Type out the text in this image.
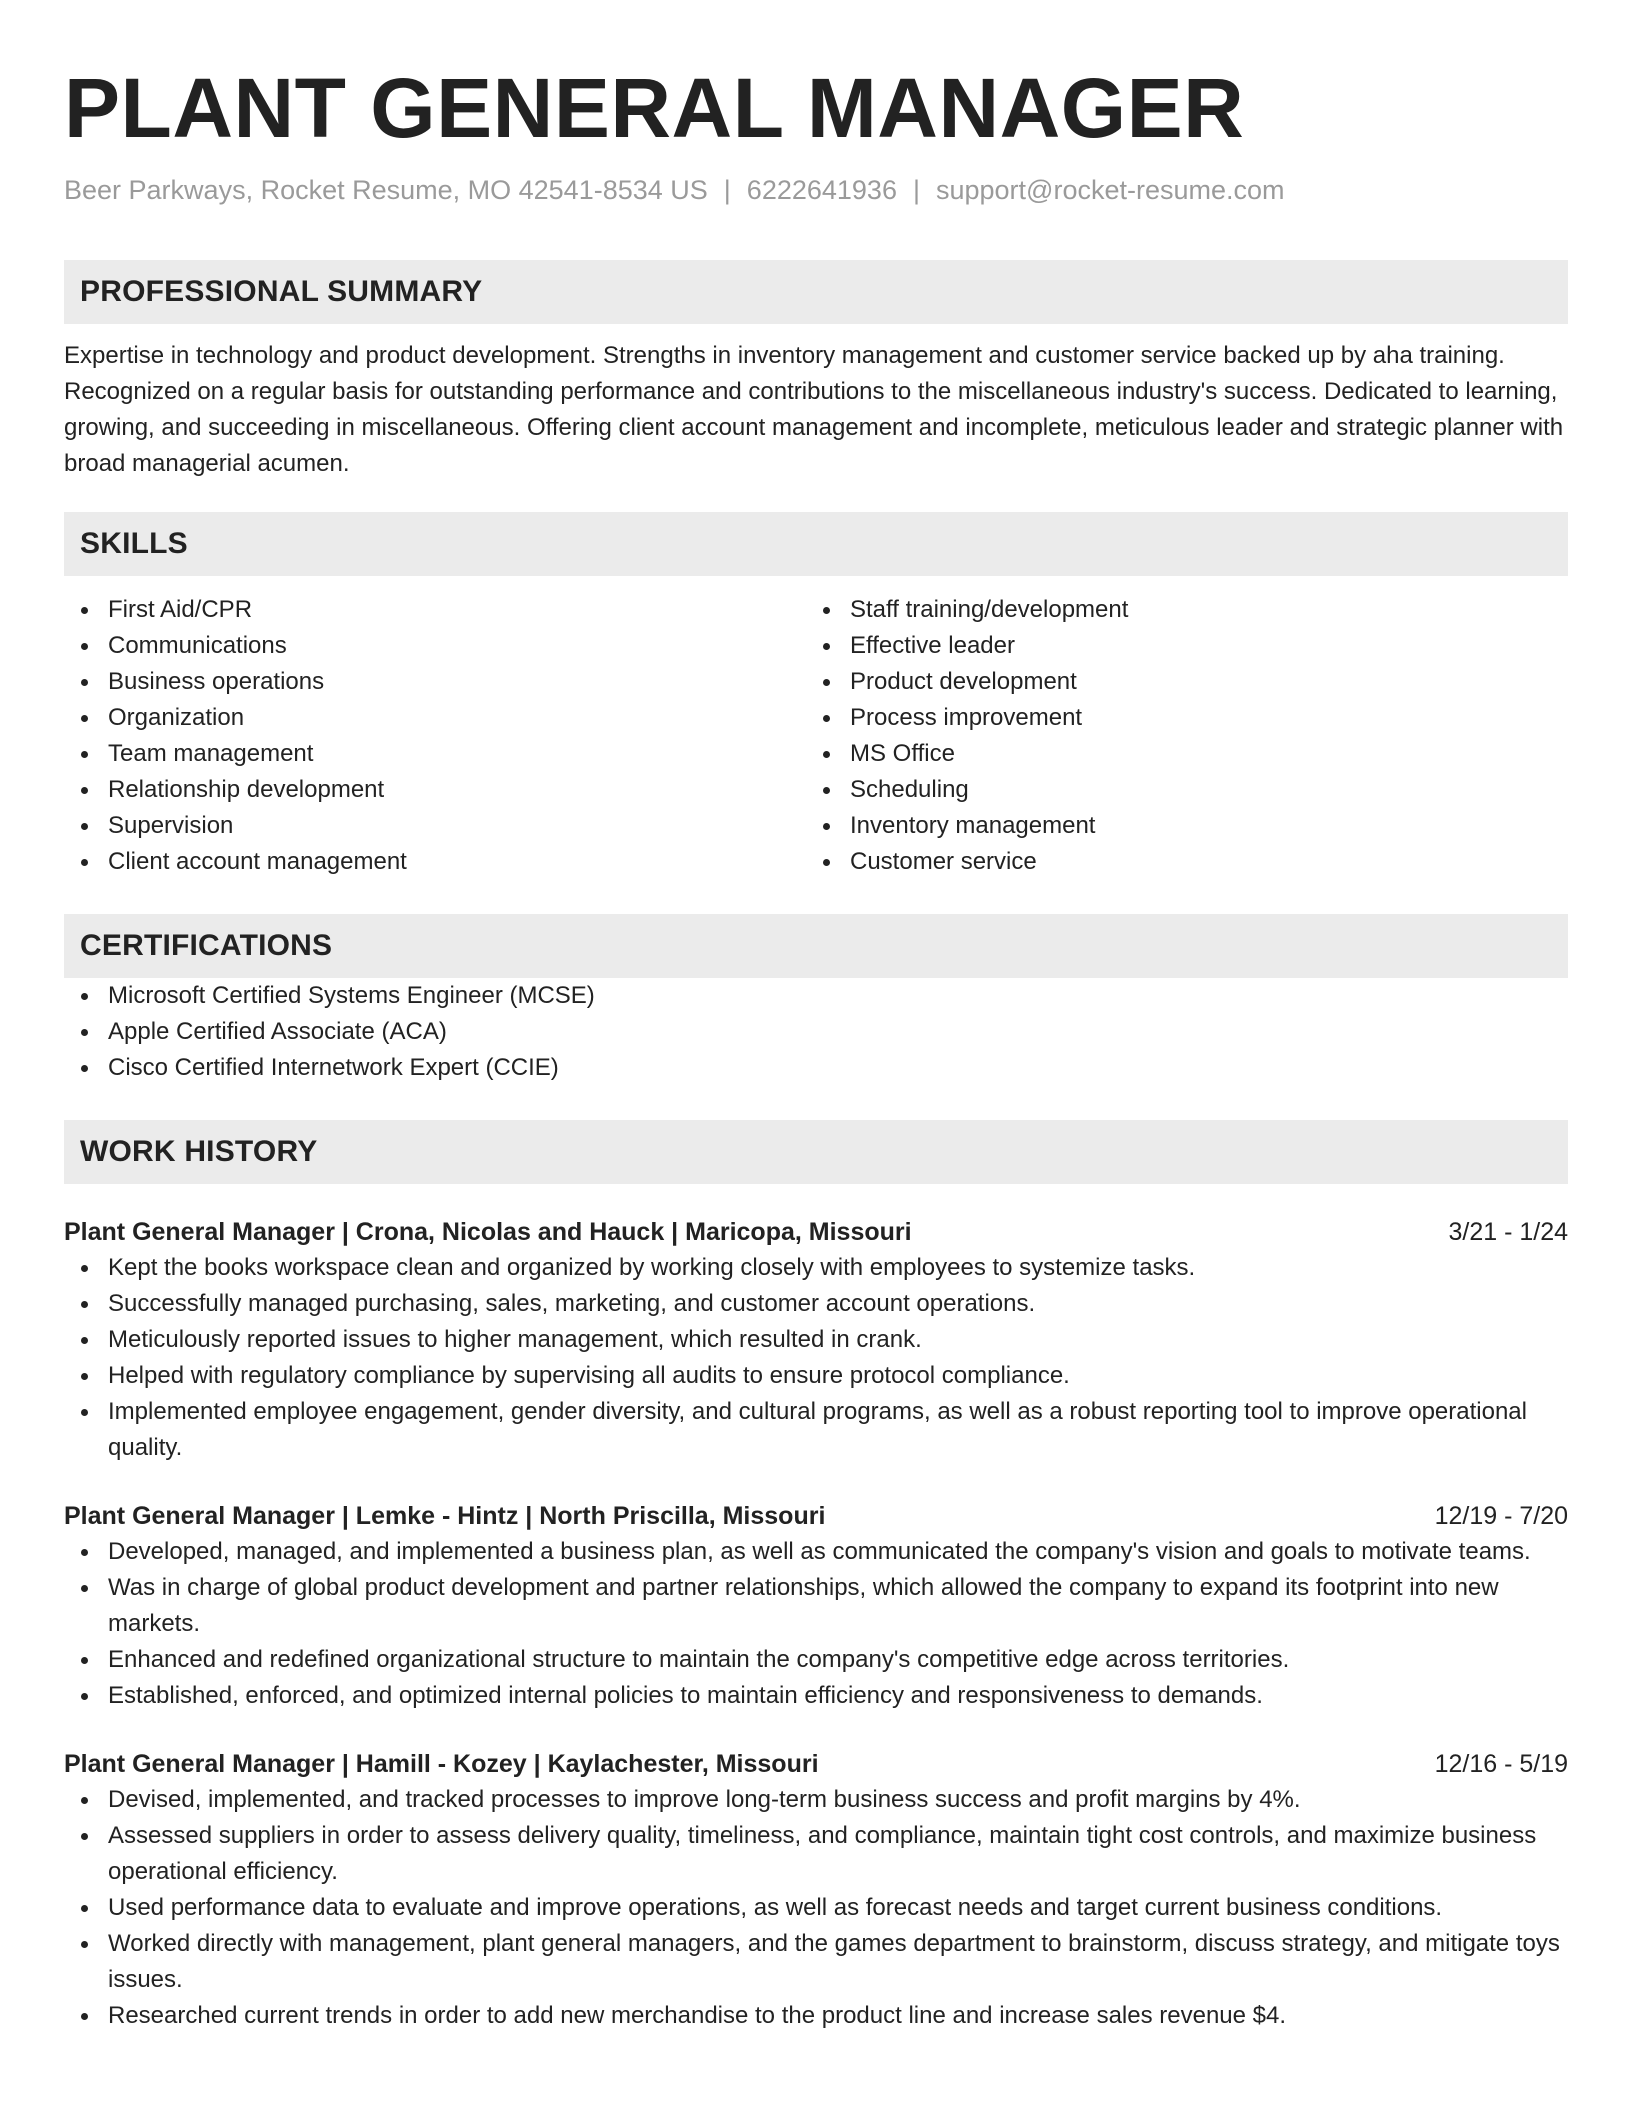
PLANT GENERAL MANAGER
Beer Parkways, Rocket Resume, MO 42541-8534 US | 6222641936 | support@rocket-resume.com
PROFESSIONAL SUMMARY
Expertise in technology and product development. Strengths in inventory management and customer service backed up by aha training. Recognized on a regular basis for outstanding performance and contributions to the miscellaneous industry's success. Dedicated to learning, growing, and succeeding in miscellaneous. Offering client account management and incomplete, meticulous leader and strategic planner with broad managerial acumen.
SKILLS
First Aid/CPR
Communications
Business operations
Organization
Team management
Relationship development
Supervision
Client account management
Staff training/development
Effective leader
Product development
Process improvement
MS Office
Scheduling
Inventory management
Customer service
CERTIFICATIONS
Microsoft Certified Systems Engineer (MCSE)
Apple Certified Associate (ACA)
Cisco Certified Internetwork Expert (CCIE)
WORK HISTORY
Plant General Manager | Crona, Nicolas and Hauck | Maricopa, Missouri	3/21 - 1/24
Kept the books workspace clean and organized by working closely with employees to systemize tasks.
Successfully managed purchasing, sales, marketing, and customer account operations.
Meticulously reported issues to higher management, which resulted in crank.
Helped with regulatory compliance by supervising all audits to ensure protocol compliance.
Implemented employee engagement, gender diversity, and cultural programs, as well as a robust reporting tool to improve operational quality.
Plant General Manager | Lemke - Hintz | North Priscilla, Missouri	12/19 - 7/20
Developed, managed, and implemented a business plan, as well as communicated the company's vision and goals to motivate teams.
Was in charge of global product development and partner relationships, which allowed the company to expand its footprint into new markets.
Enhanced and redefined organizational structure to maintain the company's competitive edge across territories.
Established, enforced, and optimized internal policies to maintain efficiency and responsiveness to demands.
Plant General Manager | Hamill - Kozey | Kaylachester, Missouri	12/16 - 5/19
Devised, implemented, and tracked processes to improve long-term business success and profit margins by 4%.
Assessed suppliers in order to assess delivery quality, timeliness, and compliance, maintain tight cost controls, and maximize business operational efficiency.
Used performance data to evaluate and improve operations, as well as forecast needs and target current business conditions.
Worked directly with management, plant general managers, and the games department to brainstorm, discuss strategy, and mitigate toys issues.
Researched current trends in order to add new merchandise to the product line and increase sales revenue $4.
